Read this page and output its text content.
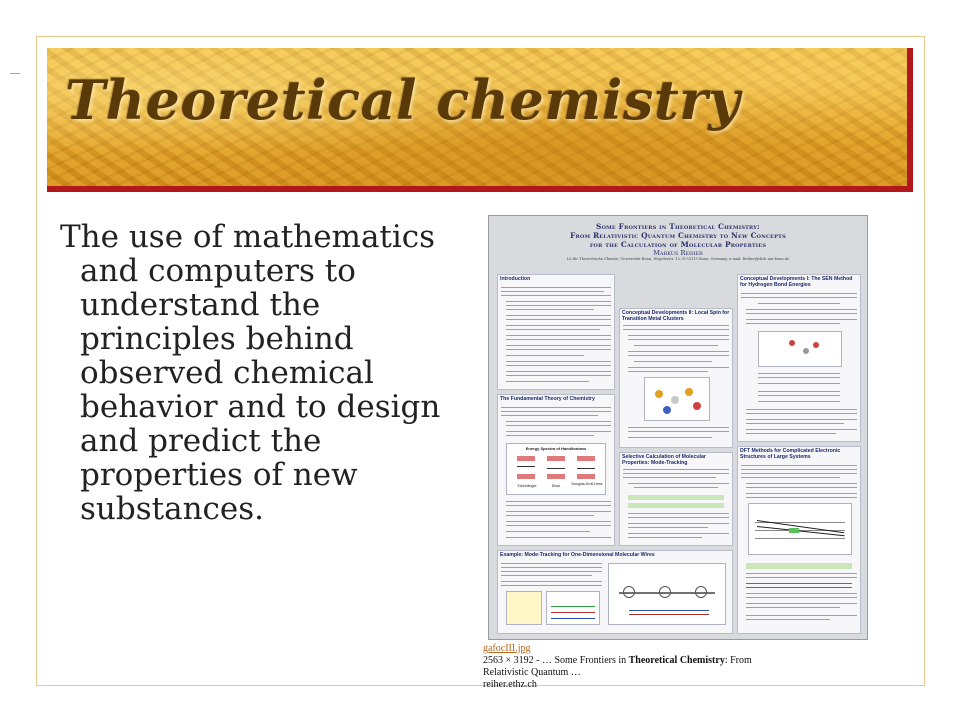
Theoretical chemistry

The use of mathematics and computers to understand the principles behind observed chemical behavior and to design and predict the properties of new substances.

Some Frontiers in Theoretical Chemistry:
From Relativistic Quantum Chemistry to New Concepts
for the Calculation of Molecular Properties
Markus Reiher
LS für Theoretische Chemie, Universität Bonn, Wegelerstr. 12, D-53115 Bonn, Germany, e-mail: Reiher@thch.uni-bonn.de
Introduction
The Fundamental Theory of Chemistry
Energy Spectra of Hamiltonians
Schrödinger	Dirac	Douglas-Kroll-Hess
Example: Mode-Tracking for One-Dimensional Molecular Wires
Conceptual Developments II: Local Spin for Transition Metal Clusters
Selective Calculation of Molecular Properties: Mode-Tracking
Conceptual Developments I: The SEN Method for Hydrogen Bond Energies
DFT Methods for Complicated Electronic Structures of Large Systems
gafocIII.jpg
2563 × 3192 - … Some Frontiers in Theoretical Chemistry: From
Relativistic Quantum …
reiher.ethz.ch
